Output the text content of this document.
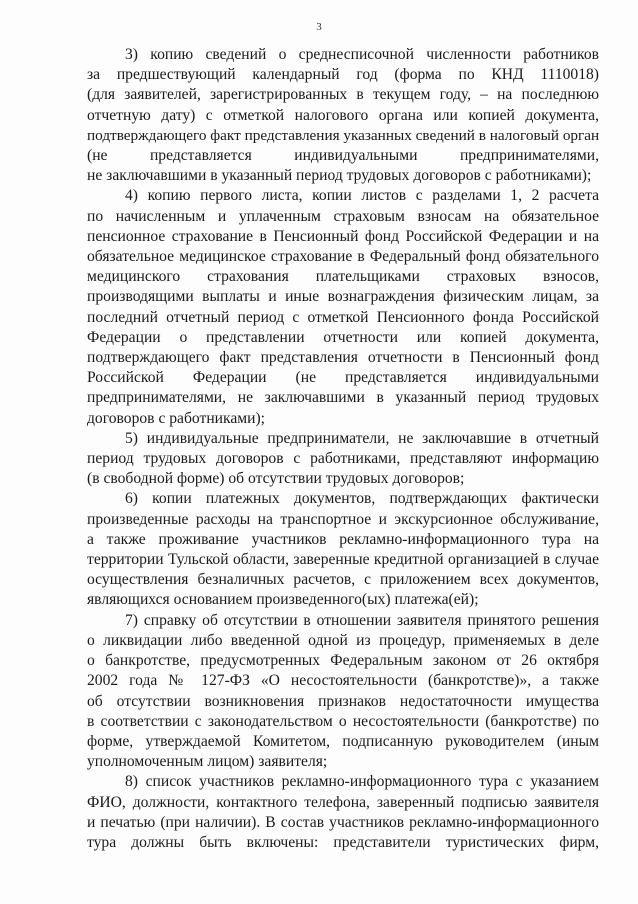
3
3) копию сведений о среднесписочной численности работников
за предшествующий календарный год (форма по КНД 1110018)
(для заявителей, зарегистрированных в текущем году, – на последнюю
отчетную дату) с отметкой налогового органа или копией документа,
подтверждающего факт представления указанных сведений в налоговый орган
(не представляется индивидуальными предпринимателями,
не заключавшими в указанный период трудовых договоров с работниками);
4) копию первого листа, копии листов с разделами 1, 2 расчета
по начисленным и уплаченным страховым взносам на обязательное
пенсионное страхование в Пенсионный фонд Российской Федерации и на
обязательное медицинское страхование в Федеральный фонд обязательного
медицинского страхования плательщиками страховых взносов,
производящими выплаты и иные вознаграждения физическим лицам, за
последний отчетный период с отметкой Пенсионного фонда Российской
Федерации о представлении отчетности или копией документа,
подтверждающего факт представления отчетности в Пенсионный фонд
Российской Федерации (не представляется индивидуальными
предпринимателями, не заключавшими в указанный период трудовых
договоров с работниками);
5) индивидуальные предприниматели, не заключавшие в отчетный
период трудовых договоров с работниками, представляют информацию
(в свободной форме) об отсутствии трудовых договоров;
6) копии платежных документов, подтверждающих фактически
произведенные расходы на транспортное и экскурсионное обслуживание,
а также проживание участников рекламно-информационного тура на
территории Тульской области, заверенные кредитной организацией в случае
осуществления безналичных расчетов, с приложением всех документов,
являющихся основанием произведенного(ых) платежа(ей);
7) справку об отсутствии в отношении заявителя принятого решения
о ликвидации либо введенной одной из процедур, применяемых в деле
о банкротстве, предусмотренных Федеральным законом от 26 октября
2002 года № 127-ФЗ «О несостоятельности (банкротстве)», а также
об отсутствии возникновения признаков недостаточности имущества
в соответствии с законодательством о несостоятельности (банкротстве) по
форме, утверждаемой Комитетом, подписанную руководителем (иным
уполномоченным лицом) заявителя;
8) список участников рекламно-информационного тура с указанием
ФИО, должности, контактного телефона, заверенный подписью заявителя
и печатью (при наличии). В состав участников рекламно-информационного
тура должны быть включены: представители туристических фирм,
